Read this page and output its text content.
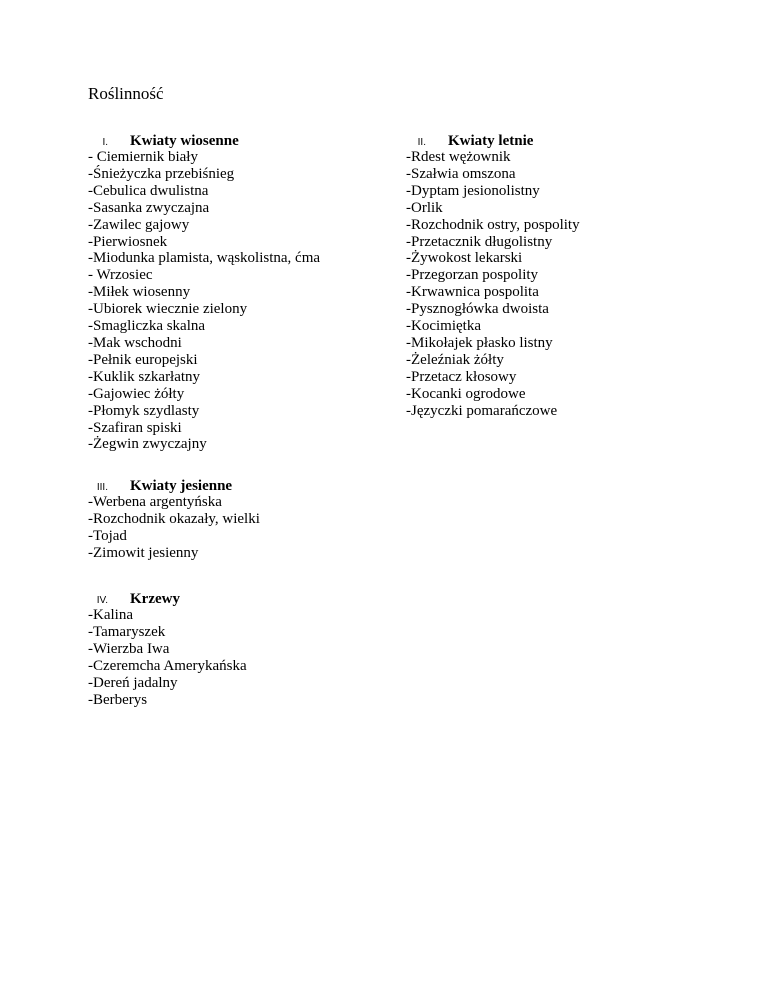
Roślinność
I. Kwiaty wiosenne
- Ciemiernik biały
-Śnieżyczka przebiśnieg
-Cebulica dwulistna
-Sasanka zwyczajna
-Zawilec gajowy
-Pierwiosnek
-Miodunka plamista, wąskolistna, ćma
- Wrzosiec
-Miłek wiosenny
-Ubiorek wiecznie zielony
-Smagliczka skalna
-Mak wschodni
-Pełnik europejski
-Kuklik szkarłatny
-Gajowiec żółty
-Płomyk szydlasty
-Szafiran spiski
-Żegwin zwyczajny
II. Kwiaty letnie
-Rdest wężownik
-Szałwia omszona
-Dyptam jesionolistny
-Orlik
-Rozchodnik ostry, pospolity
-Przetacznik długolistny
-Żywokost lekarski
-Przegorzan pospolity
-Krwawnica pospolita
-Pysznogłówka dwoista
-Kocimiętka
-Mikołajek płasko listny
-Żeleźniak żółty
-Przetacz kłosowy
-Kocanki ogrodowe
-Języczki pomarańczowe
III. Kwiaty jesienne
-Werbena argentyńska
-Rozchodnik okazały, wielki
-Tojad
-Zimowit jesienny
IV. Krzewy
-Kalina
-Tamaryszek
-Wierzba Iwa
-Czeremcha Amerykańska
-Dereń jadalny
-Berberys
